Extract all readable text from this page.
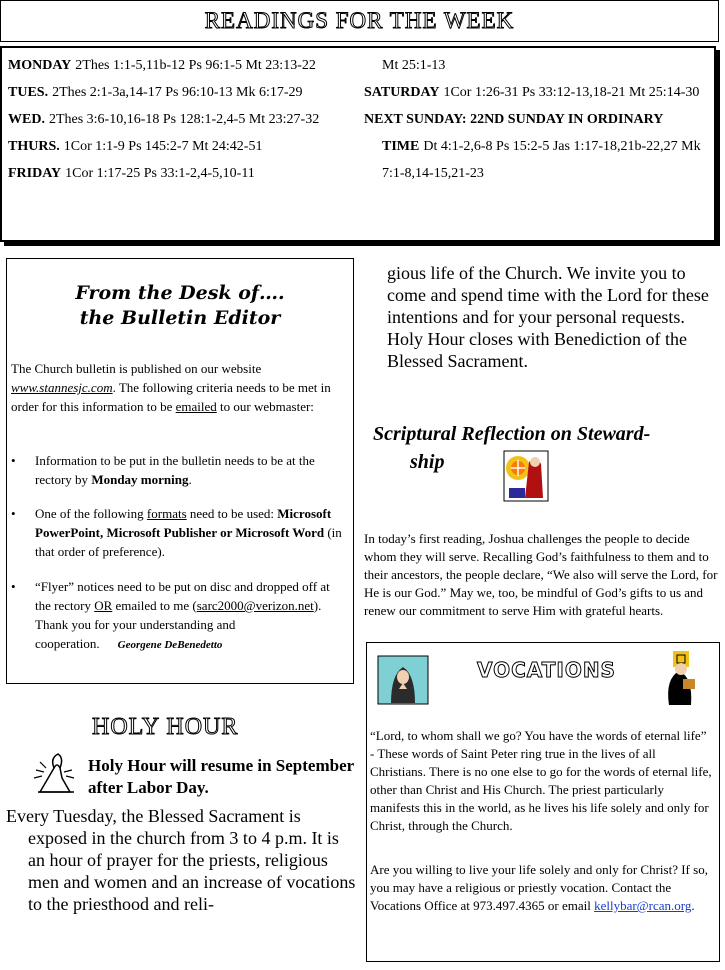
READINGS FOR THE WEEK
MONDAY 2Thes 1:1-5,11b-12 Ps 96:1-5 Mt 23:13-22
TUES. 2Thes 2:1-3a,14-17 Ps 96:10-13 Mk 6:17-29
WED. 2Thes 3:6-10,16-18 Ps 128:1-2,4-5 Mt 23:27-32
THURS. 1Cor 1:1-9 Ps 145:2-7 Mt 24:42-51
FRIDAY 1Cor 1:17-25 Ps 33:1-2,4-5,10-11
Mt 25:1-13
SATURDAY 1Cor 1:26-31 Ps 33:12-13,18-21 Mt 25:14-30
NEXT SUNDAY: 22ND SUNDAY IN ORDINARY TIME Dt 4:1-2,6-8 Ps 15:2-5 Jas 1:17-18,21b-22,27 Mk 7:1-8,14-15,21-23
From the Desk of….
the Bulletin Editor
The Church bulletin is published on our website www.stannesjc.com. The following criteria needs to be met in order for this information to be emailed to our webmaster:
• Information to be put in the bulletin needs to be at the rectory by Monday morning.
• One of the following formats need to be used: Microsoft PowerPoint, Microsoft Publisher or Microsoft Word (in that order of preference).
• “Flyer” notices need to be put on disc and dropped off at the rectory OR emailed to me (sarc2000@verizon.net).
Thank you for your understanding and cooperation. Georgene DeBenedetto
HOLY HOUR
Holy Hour will resume in September after Labor Day.
Every Tuesday, the Blessed Sacrament is exposed in the church from 3 to 4 p.m. It is an hour of prayer for the priests, religious men and women and an increase of vocations to the priesthood and reli-
gious life of the Church. We invite you to come and spend time with the Lord for these intentions and for your personal requests. Holy Hour closes with Benediction of the Blessed Sacrament.
Scriptural Reflection on Steward-
ship
In today’s first reading, Joshua challenges the people to decide whom they will serve. Recalling God’s faithfulness to them and to their ancestors, the people declare, “We also will serve the Lord, for He is our God.” May we, too, be mindful of God’s gifts to us and renew our commitment to serve Him with grateful hearts.
VOCATIONS
“Lord, to whom shall we go? You have the words of eternal life” - These words of Saint Peter ring true in the lives of all Christians. There is no one else to go for the words of eternal life, other than Christ and His Church. The priest particularly manifests this in the world, as he lives his life solely and only for Christ, through the Church.
Are you willing to live your life solely and only for Christ? If so, you may have a religious or priestly vocation. Contact the Vocations Office at 973.497.4365 or email kellybar@rcan.org.
